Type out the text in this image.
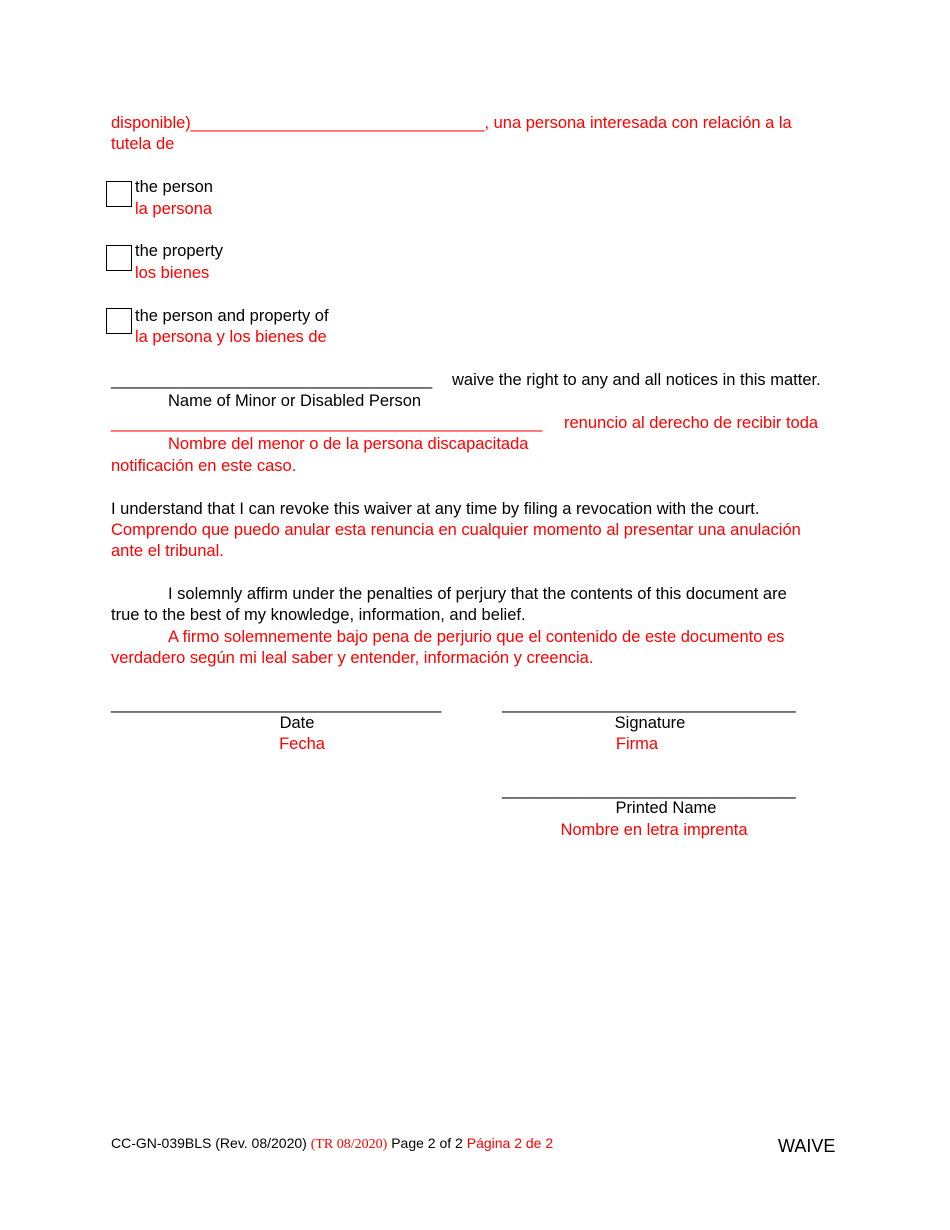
disponible)________________________________, una persona interesada con relación a la
tutela de
the person
la persona
the property
los bienes
the person and property of
la persona y los bienes de
___________________________________ waive the right to any and all notices in this matter.
Name of Minor or Disabled Person
_______________________________________________ renuncio al derecho de recibir toda
Nombre del menor o de la persona discapacitada
notificación en este caso.
I understand that I can revoke this waiver at any time by filing a revocation with the court.
Comprendo que puedo anular esta renuncia en cualquier momento al presentar una anulación
ante el tribunal.
I solemnly affirm under the penalties of perjury that the contents of this document are
true to the best of my knowledge, information, and belief.
A firmo solemnemente bajo pena de perjurio que el contenido de este documento es
verdadero según mi leal saber y entender, información y creencia.
____________________________________
Date
Fecha
________________________________
Signature
Firma
________________________________
Printed Name
Nombre en letra imprenta
CC-GN-039BLS (Rev. 08/2020) (TR 08/2020) Page 2 of 2 Página 2 de 2	WAIVE
